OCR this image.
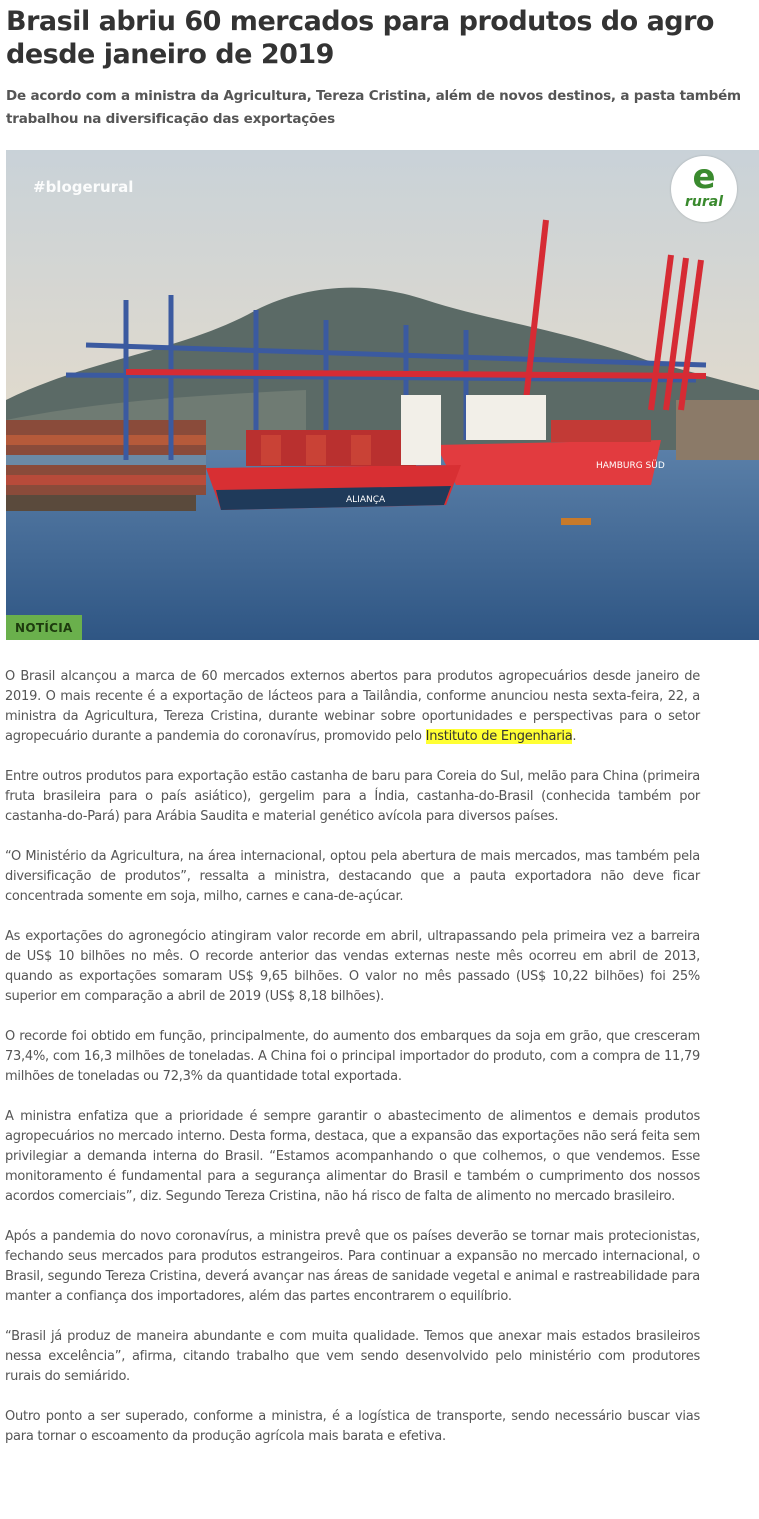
Brasil abriu 60 mercados para produtos do agro desde janeiro de 2019

De acordo com a ministra da Agricultura, Tereza Cristina, além de novos destinos, a pasta também trabalhou na diversificação das exportações

HAMBURG SÜD
ALIANÇA
#blogerural	e
rural
NOTÍCIA

O Brasil alcançou a marca de 60 mercados externos abertos para produtos agropecuários desde janeiro de 2019. O mais recente é a exportação de lácteos para a Tailândia, conforme anunciou nesta sexta-feira, 22, a ministra da Agricultura, Tereza Cristina, durante webinar sobre oportunidades e perspectivas para o setor agropecuário durante a pandemia do coronavírus, promovido pelo Instituto de Engenharia.

Entre outros produtos para exportação estão castanha de baru para Coreia do Sul, melão para China (primeira fruta brasileira para o país asiático), gergelim para a Índia, castanha-do-Brasil (conhecida também por castanha-do-Pará) para Arábia Saudita e material genético avícola para diversos países.

“O Ministério da Agricultura, na área internacional, optou pela abertura de mais mercados, mas também pela diversificação de produtos”, ressalta a ministra, destacando que a pauta exportadora não deve ficar concentrada somente em soja, milho, carnes e cana-de-açúcar.

As exportações do agronegócio atingiram valor recorde em abril, ultrapassando pela primeira vez a barreira de US$ 10 bilhões no mês. O recorde anterior das vendas externas neste mês ocorreu em abril de 2013, quando as exportações somaram US$ 9,65 bilhões. O valor no mês passado (US$ 10,22 bilhões) foi 25% superior em comparação a abril de 2019 (US$ 8,18 bilhões).

O recorde foi obtido em função, principalmente, do aumento dos embarques da soja em grão, que cresceram 73,4%, com 16,3 milhões de toneladas. A China foi o principal importador do produto, com a compra de 11,79 milhões de toneladas ou 72,3% da quantidade total exportada.

A ministra enfatiza que a prioridade é sempre garantir o abastecimento de alimentos e demais produtos agropecuários no mercado interno. Desta forma, destaca, que a expansão das exportações não será feita sem privilegiar a demanda interna do Brasil. “Estamos acompanhando o que colhemos, o que vendemos. Esse monitoramento é fundamental para a segurança alimentar do Brasil e também o cumprimento dos nossos acordos comerciais”, diz. Segundo Tereza Cristina, não há risco de falta de alimento no mercado brasileiro.

Após a pandemia do novo coronavírus, a ministra prevê que os países deverão se tornar mais protecionistas, fechando seus mercados para produtos estrangeiros. Para continuar a expansão no mercado internacional, o Brasil, segundo Tereza Cristina, deverá avançar nas áreas de sanidade vegetal e animal e rastreabilidade para manter a confiança dos importadores, além das partes encontrarem o equilíbrio.

“Brasil já produz de maneira abundante e com muita qualidade. Temos que anexar mais estados brasileiros nessa excelência”, afirma, citando trabalho que vem sendo desenvolvido pelo ministério com produtores rurais do semiárido.

Outro ponto a ser superado, conforme a ministra, é a logística de transporte, sendo necessário buscar vias para tornar o escoamento da produção agrícola mais barata e efetiva.
